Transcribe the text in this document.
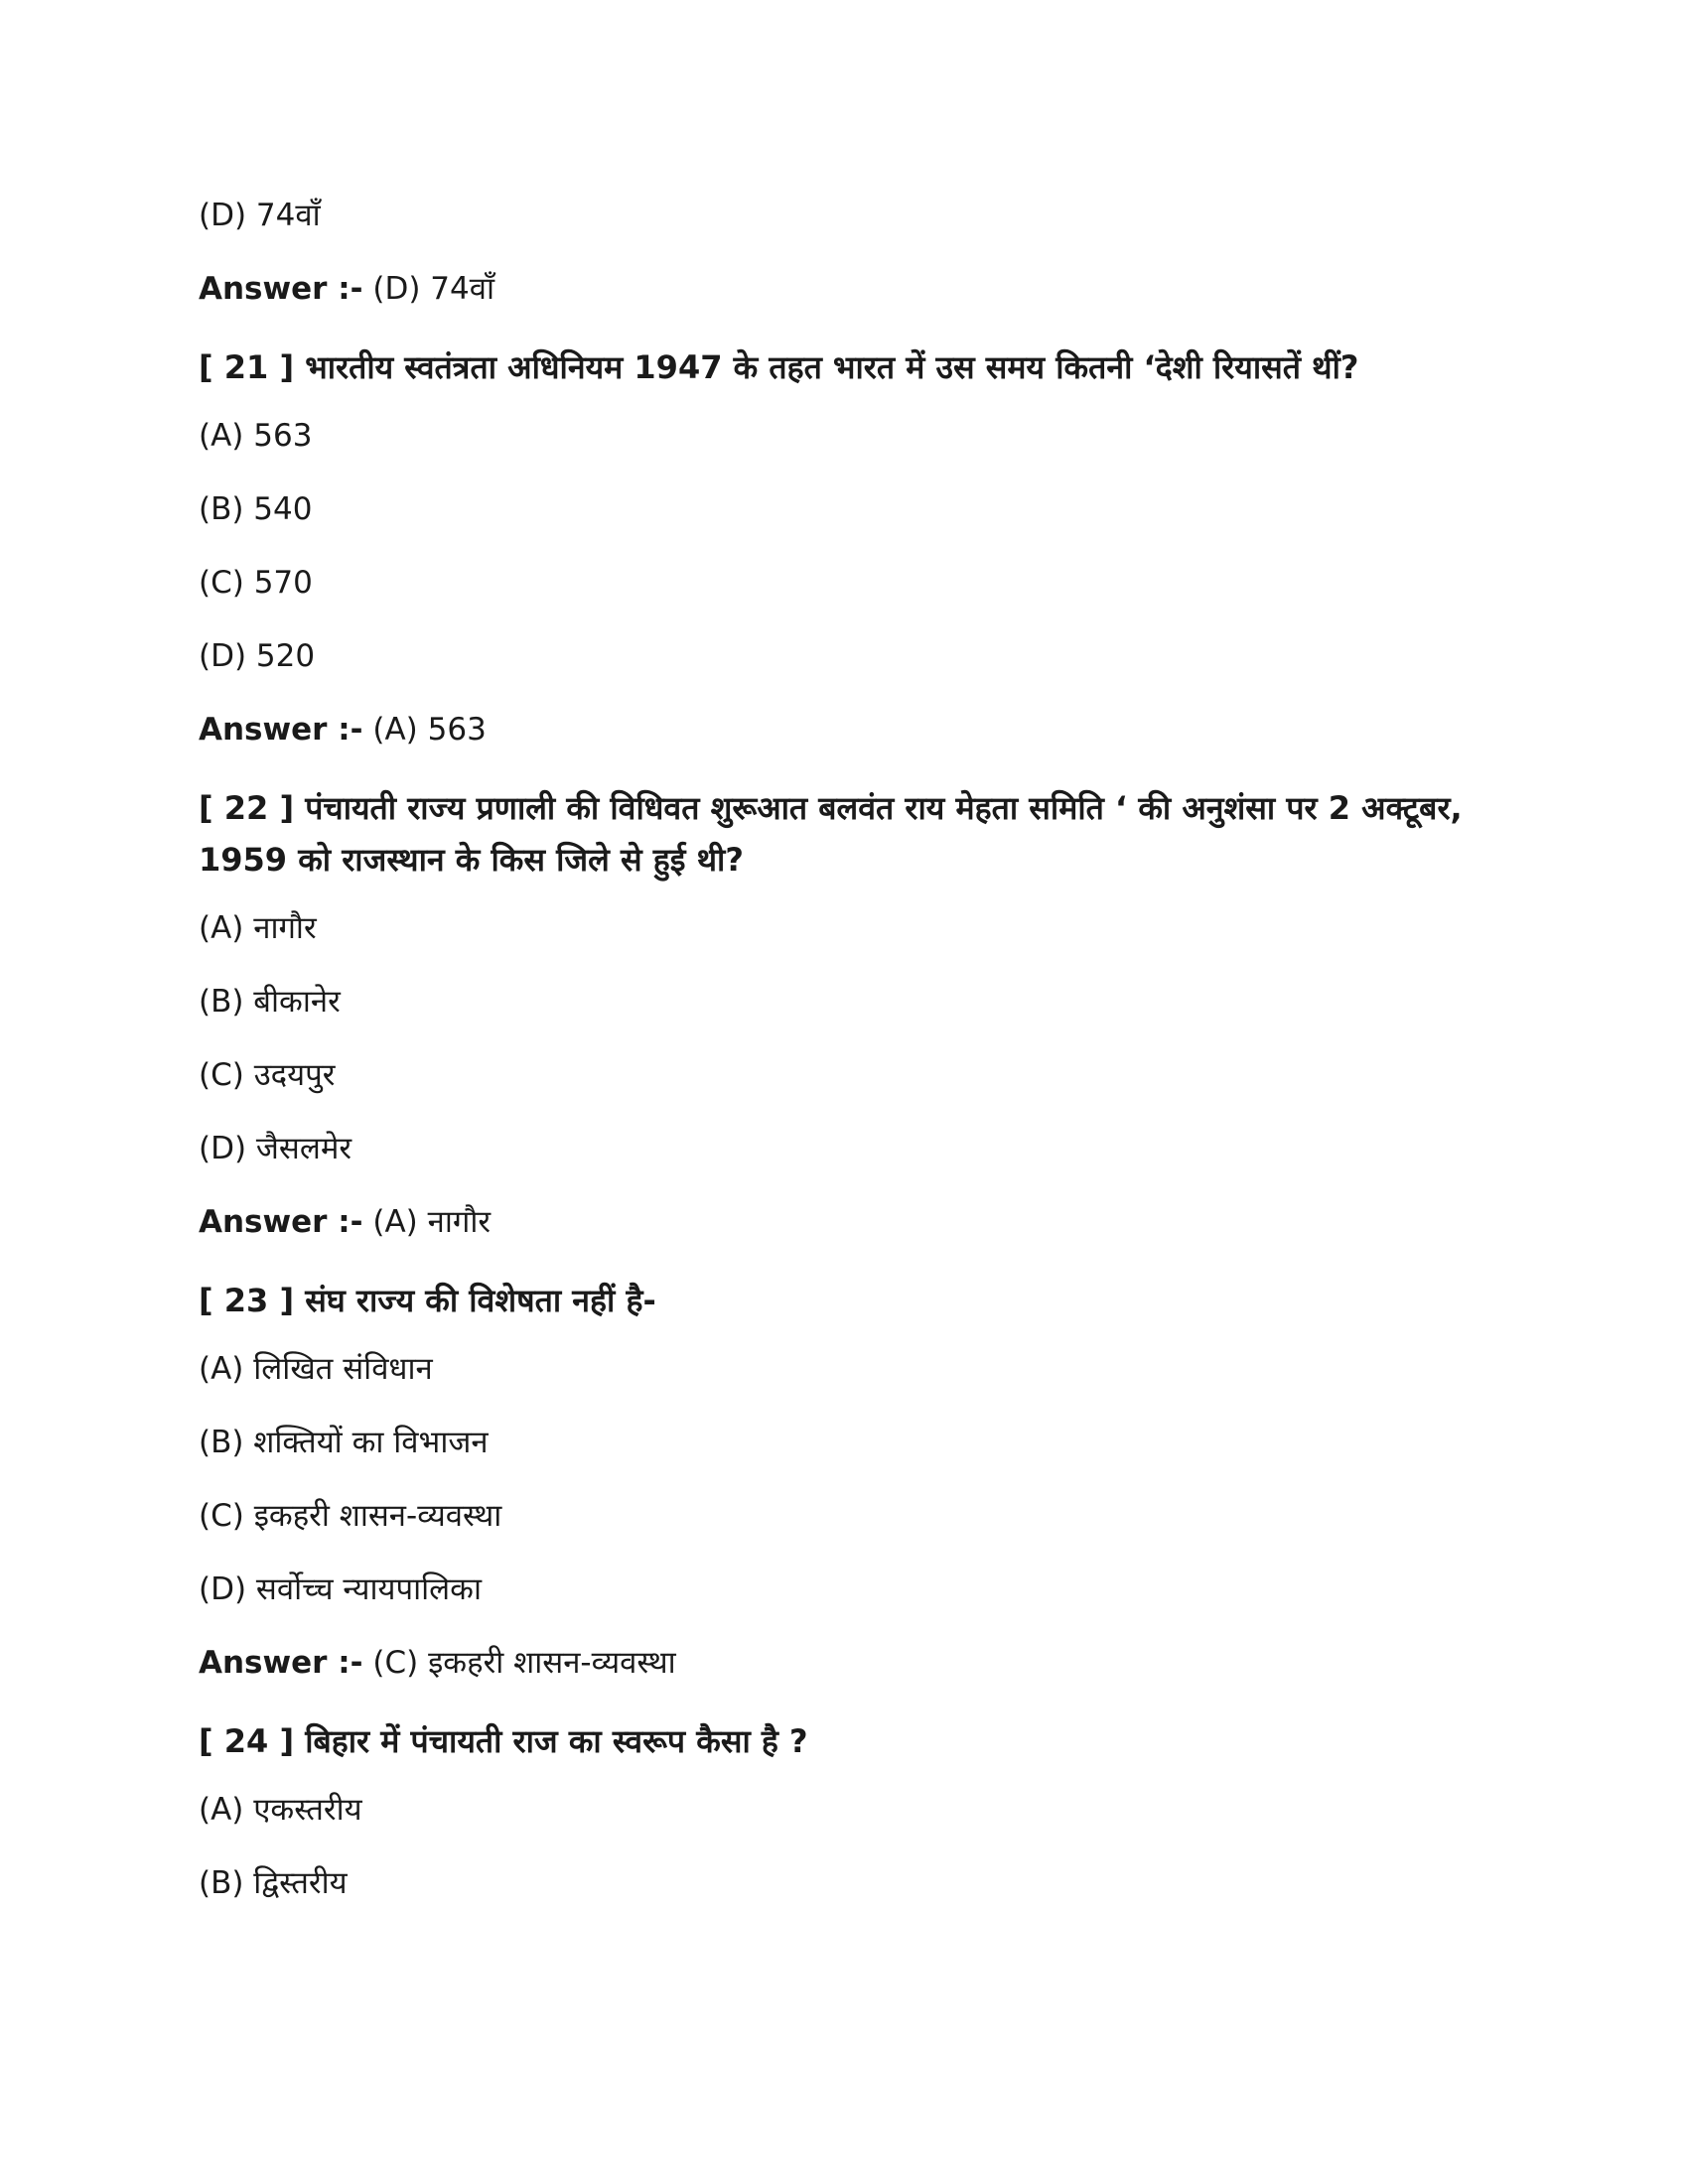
(D) 74वाँ
Answer :- (D) 74वाँ
[ 21 ] भारतीय स्वतंत्रता अधिनियम 1947 के तहत भारत में उस समय कितनी ‘देशी रियासतें थीं?
(A) 563
(B) 540
(C) 570
(D) 520
Answer :- (A) 563
[ 22 ] पंचायती राज्य प्रणाली की विधिवत शुरूआत बलवंत राय मेहता समिति ‘ की अनुशंसा पर 2 अक्टूबर, 1959 को राजस्थान के किस जिले से हुई थी?
(A) नागौर
(B) बीकानेर
(C) उदयपुर
(D) जैसलमेर
Answer :- (A) नागौर
[ 23 ] संघ राज्य की विशेषता नहीं है-
(A) लिखित संविधान
(B) शक्तियों का विभाजन
(C) इकहरी शासन-व्यवस्था
(D) सर्वोच्च न्यायपालिका
Answer :- (C) इकहरी शासन-व्यवस्था
[ 24 ] बिहार में पंचायती राज का स्वरूप कैसा है ?
(A) एकस्तरीय
(B) द्विस्तरीय
